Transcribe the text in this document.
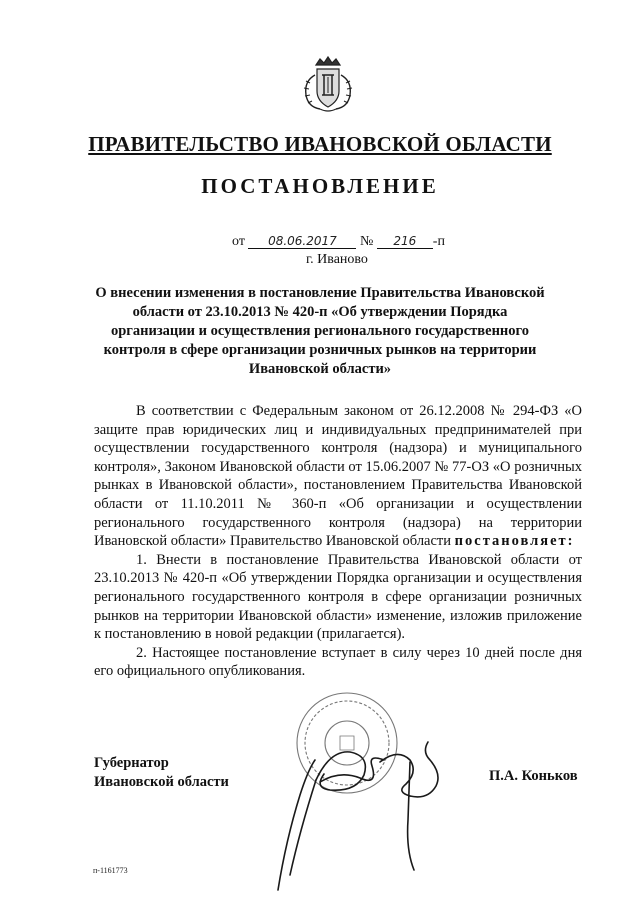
ПРАВИТЕЛЬСТВО ИВАНОВСКОЙ ОБЛАСТИ
ПОСТАНОВЛЕНИЕ
от 08.06.2017 № 216 -п
г. Иваново
О внесении изменения в постановление Правительства Ивановской области от 23.10.2013 № 420-п «Об утверждении Порядка организации и осуществления регионального государственного контроля в сфере организации розничных рынков на территории Ивановской области»

В соответствии с Федеральным законом от 26.12.2008 № 294-ФЗ «О защите прав юридических лиц и индивидуальных предпринимателей при осуществлении государственного контроля (надзора) и муниципального контроля», Законом Ивановской области от 15.06.2007 № 77-ОЗ «О розничных рынках в Ивановской области», постановлением Правительства Ивановской области от 11.10.2011 № 360-п «Об организации и осуществлении регионального государственного контроля (надзора) на территории Ивановской области» Правительство Ивановской области постановляет:

1. Внести в постановление Правительства Ивановской области от 23.10.2013 № 420-п «Об утверждении Порядка организации и осуществления регионального государственного контроля в сфере организации розничных рынков на территории Ивановской области» изменение, изложив приложение к постановлению в новой редакции (прилагается).

2. Настоящее постановление вступает в силу через 10 дней после дня его официального опубликования.

Губернатор
Ивановской области	П.А. Коньков
п-1161773
